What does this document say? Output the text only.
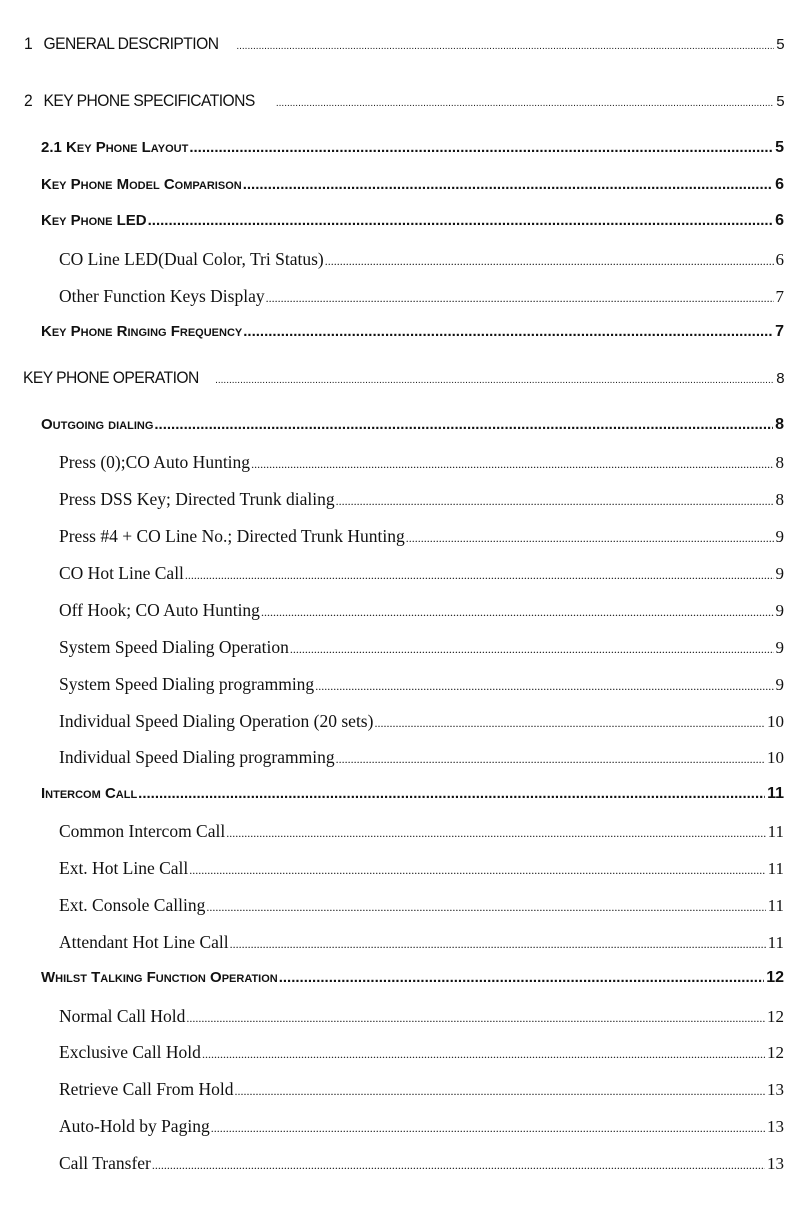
1   GENERAL DESCRIPTION .....	5
2   KEY PHONE SPECIFICATIONS .....	5
2.1 Key Phone Layout .....	5
Key Phone Model Comparison .....	6
Key Phone LED .....	6
CO Line LED(Dual Color, Tri Status) .....	6
Other Function Keys Display .....	7
Key Phone Ringing Frequency .....	7
KEY PHONE OPERATION .....	8
Outgoing dialing .....	8
Press (0);CO Auto Hunting .....	8
Press DSS Key; Directed Trunk dialing .....	8
Press #4 + CO Line No.; Directed Trunk Hunting .....	9
CO Hot Line Call .....	9
Off Hook; CO Auto Hunting .....	9
System Speed Dialing Operation .....	9
System Speed Dialing programming .....	9
Individual Speed Dialing Operation (20 sets) .....	10
Individual Speed Dialing programming .....	10
Intercom Call .....	11
Common Intercom Call .....	11
Ext. Hot Line Call .....	11
Ext. Console Calling .....	11
Attendant Hot Line Call .....	11
Whilst Talking Function Operation .....	12
Normal Call Hold .....	12
Exclusive Call Hold .....	12
Retrieve Call From Hold .....	13
Auto-Hold by Paging .....	13
Call Transfer .....	13
